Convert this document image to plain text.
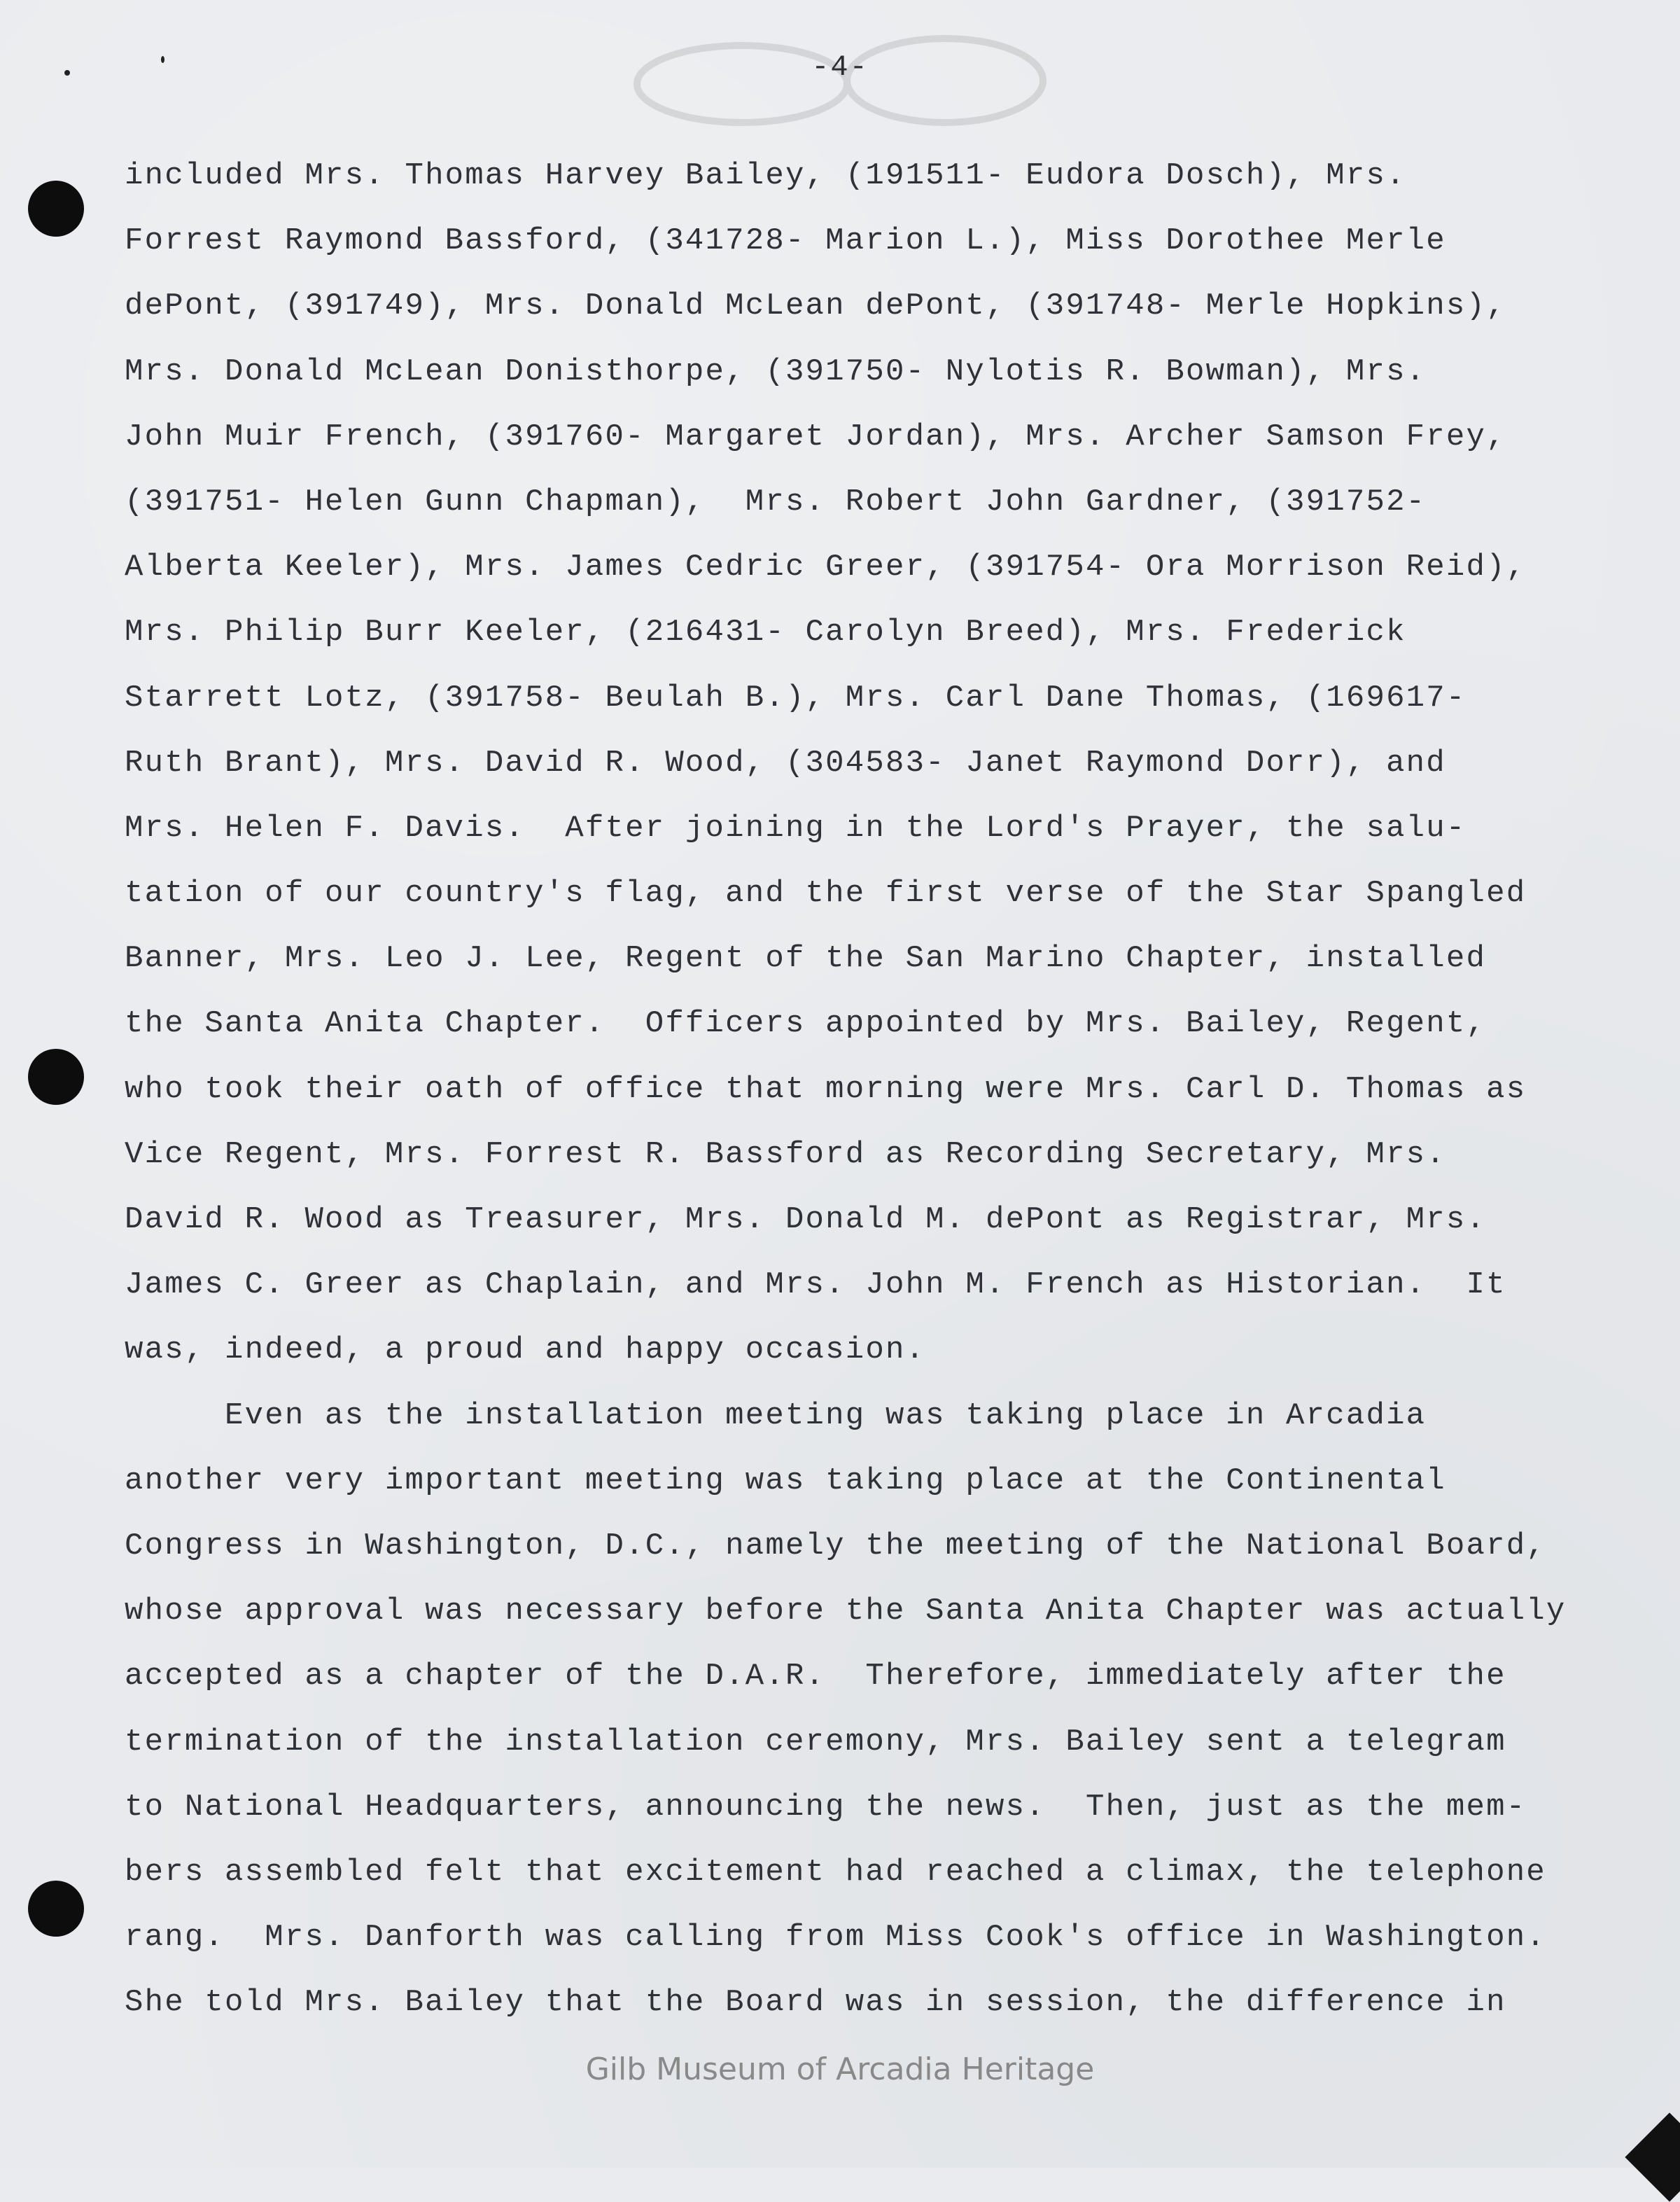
-4-
included Mrs. Thomas Harvey Bailey, (191511- Eudora Dosch), Mrs.
Forrest Raymond Bassford, (341728- Marion L.), Miss Dorothee Merle
dePont, (391749), Mrs. Donald McLean dePont, (391748- Merle Hopkins),
Mrs. Donald McLean Donisthorpe, (391750- Nylotis R. Bowman), Mrs.
John Muir French, (391760- Margaret Jordan), Mrs. Archer Samson Frey,
(391751- Helen Gunn Chapman),  Mrs. Robert John Gardner, (391752-
Alberta Keeler), Mrs. James Cedric Greer, (391754- Ora Morrison Reid),
Mrs. Philip Burr Keeler, (216431- Carolyn Breed), Mrs. Frederick
Starrett Lotz, (391758- Beulah B.), Mrs. Carl Dane Thomas, (169617-
Ruth Brant), Mrs. David R. Wood, (304583- Janet Raymond Dorr), and
Mrs. Helen F. Davis.  After joining in the Lord's Prayer, the salu-
tation of our country's flag, and the first verse of the Star Spangled
Banner, Mrs. Leo J. Lee, Regent of the San Marino Chapter, installed
the Santa Anita Chapter.  Officers appointed by Mrs. Bailey, Regent,
who took their oath of office that morning were Mrs. Carl D. Thomas as
Vice Regent, Mrs. Forrest R. Bassford as Recording Secretary, Mrs.
David R. Wood as Treasurer, Mrs. Donald M. dePont as Registrar, Mrs.
James C. Greer as Chaplain, and Mrs. John M. French as Historian.  It
was, indeed, a proud and happy occasion.
Even as the installation meeting was taking place in Arcadia
another very important meeting was taking place at the Continental
Congress in Washington, D.C., namely the meeting of the National Board,
whose approval was necessary before the Santa Anita Chapter was actually
accepted as a chapter of the D.A.R.  Therefore, immediately after the
termination of the installation ceremony, Mrs. Bailey sent a telegram
to National Headquarters, announcing the news.  Then, just as the mem-
bers assembled felt that excitement had reached a climax, the telephone
rang.  Mrs. Danforth was calling from Miss Cook's office in Washington.
She told Mrs. Bailey that the Board was in session, the difference in
Gilb Museum of Arcadia Heritage
